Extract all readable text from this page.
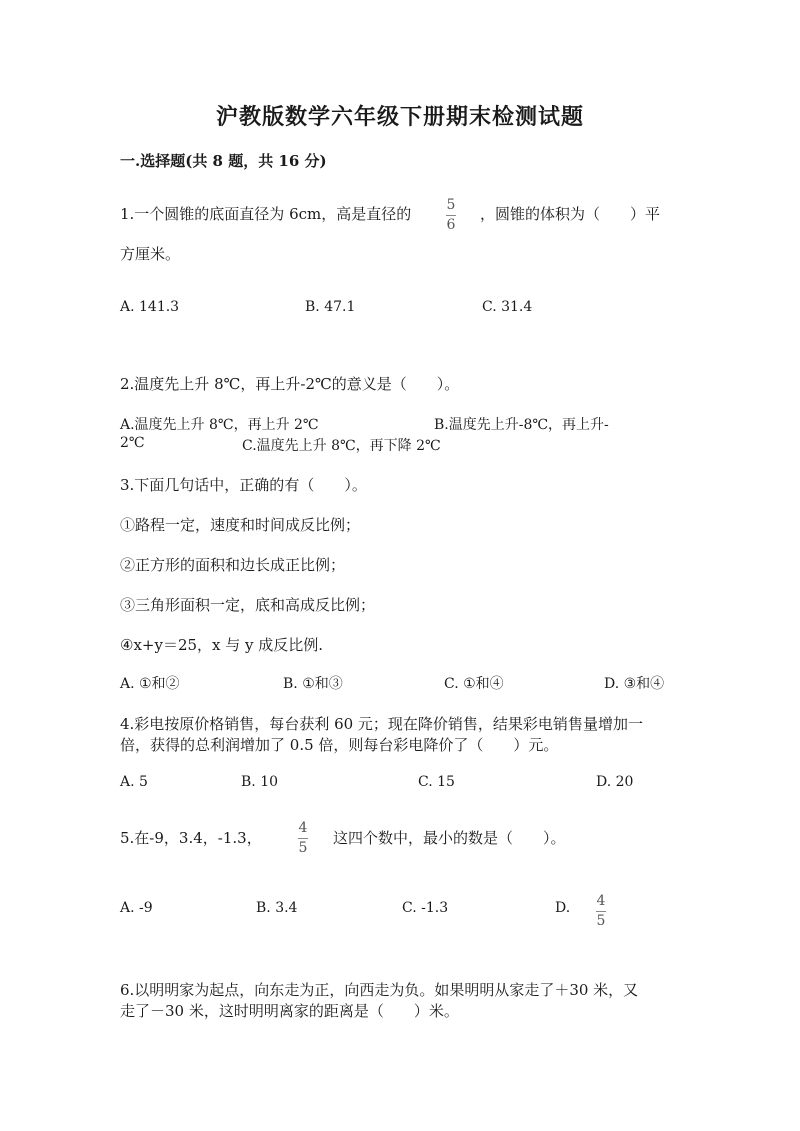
沪教版数学六年级下册期末检测试题
一.选择题(共 8 题，共 16 分)
1.一个圆锥的底面直径为 6cm，高是直径的	5
6
，圆锥的体积为（　　）平
方厘米。
A. 141.3	B. 47.1	C. 31.4
2.温度先上升 8℃，再上升-2℃的意义是（　　）。
A.温度先上升 8℃，再上升 2℃	B.温度先上升-8℃，再上升-
2℃	C.温度先上升 8℃，再下降 2℃
3.下面几句话中，正确的有（　　）。
①路程一定，速度和时间成反比例；
②正方形的面积和边长成正比例；
③三角形面积一定，底和高成反比例；
④x+y＝25，x 与 y 成反比例.
A. ①和②	B. ①和③	C. ①和④	D. ③和④
4.彩电按原价格销售，每台获利 60 元；现在降价销售，结果彩电销售量增加一
倍，获得的总利润增加了 0.5 倍，则每台彩电降价了（　　）元。
A. 5	B. 10	C. 15	D. 20
5.在-9，3.4，-1.3，
4
5
这四个数中，最小的数是（　　）。
A. -9	B. 3.4	C. -1.3	D. 4
5
6.以明明家为起点，向东走为正，向西走为负。如果明明从家走了＋30 米，又
走了－30 米，这时明明离家的距离是（　　）米。
